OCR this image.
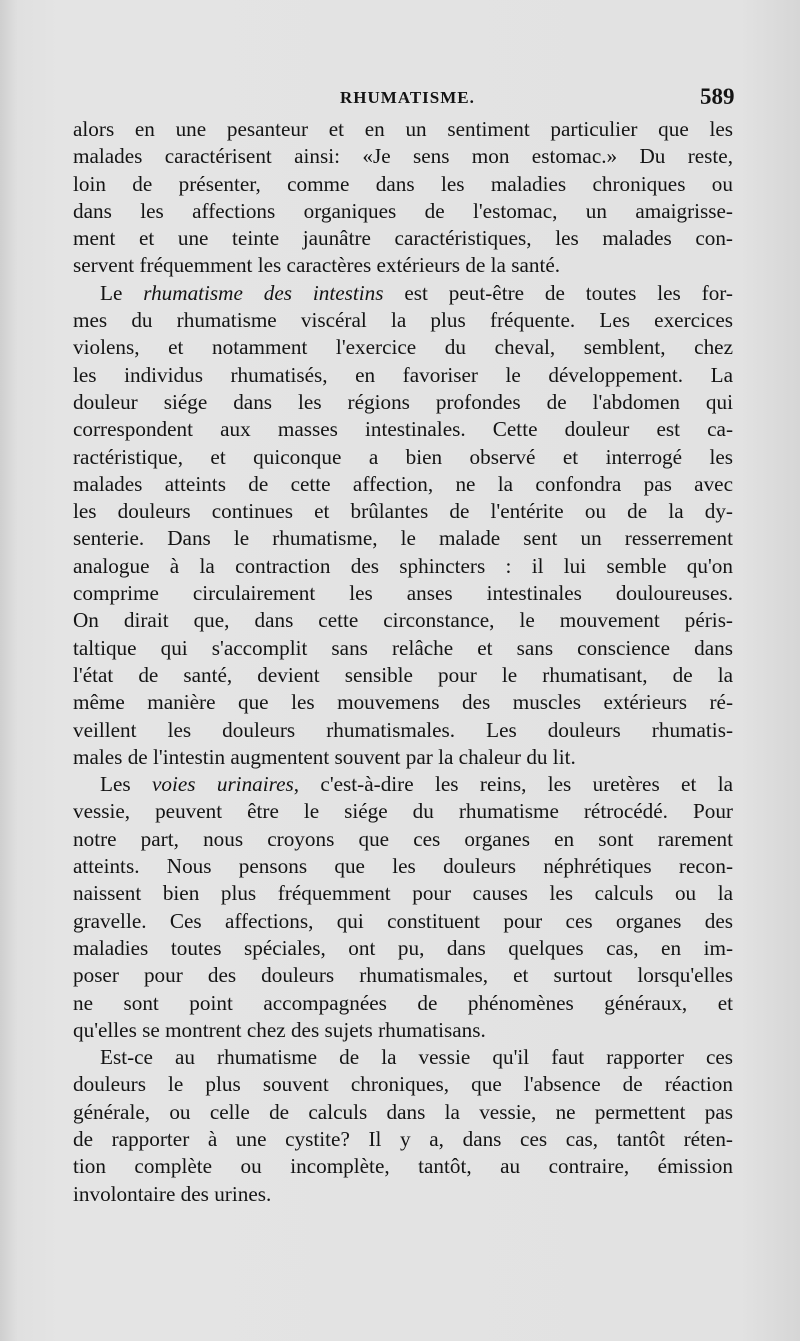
RHUMATISME.	589
alors en une pesanteur et en un sentiment particulier que les
malades caractérisent ainsi: «Je sens mon estomac.» Du reste,
loin de présenter, comme dans les maladies chroniques ou
dans les affections organiques de l'estomac, un amaigrisse-
ment et une teinte jaunâtre caractéristiques, les malades con-
servent fréquemment les caractères extérieurs de la santé.
Le rhumatisme des intestins est peut-être de toutes les for-
mes du rhumatisme viscéral la plus fréquente. Les exercices
violens, et notamment l'exercice du cheval, semblent, chez
les individus rhumatisés, en favoriser le développement. La
douleur siége dans les régions profondes de l'abdomen qui
correspondent aux masses intestinales. Cette douleur est ca-
ractéristique, et quiconque a bien observé et interrogé les
malades atteints de cette affection, ne la confondra pas avec
les douleurs continues et brûlantes de l'entérite ou de la dy-
senterie. Dans le rhumatisme, le malade sent un resserrement
analogue à la contraction des sphincters : il lui semble qu'on
comprime circulairement les anses intestinales douloureuses.
On dirait que, dans cette circonstance, le mouvement péris-
taltique qui s'accomplit sans relâche et sans conscience dans
l'état de santé, devient sensible pour le rhumatisant, de la
même manière que les mouvemens des muscles extérieurs ré-
veillent les douleurs rhumatismales. Les douleurs rhumatis-
males de l'intestin augmentent souvent par la chaleur du lit.
Les voies urinaires, c'est-à-dire les reins, les uretères et la
vessie, peuvent être le siége du rhumatisme rétrocédé. Pour
notre part, nous croyons que ces organes en sont rarement
atteints. Nous pensons que les douleurs néphrétiques recon-
naissent bien plus fréquemment pour causes les calculs ou la
gravelle. Ces affections, qui constituent pour ces organes des
maladies toutes spéciales, ont pu, dans quelques cas, en im-
poser pour des douleurs rhumatismales, et surtout lorsqu'elles
ne sont point accompagnées de phénomènes généraux, et
qu'elles se montrent chez des sujets rhumatisans.
Est-ce au rhumatisme de la vessie qu'il faut rapporter ces
douleurs le plus souvent chroniques, que l'absence de réaction
générale, ou celle de calculs dans la vessie, ne permettent pas
de rapporter à une cystite? Il y a, dans ces cas, tantôt réten-
tion complète ou incomplète, tantôt, au contraire, émission
involontaire des urines.
